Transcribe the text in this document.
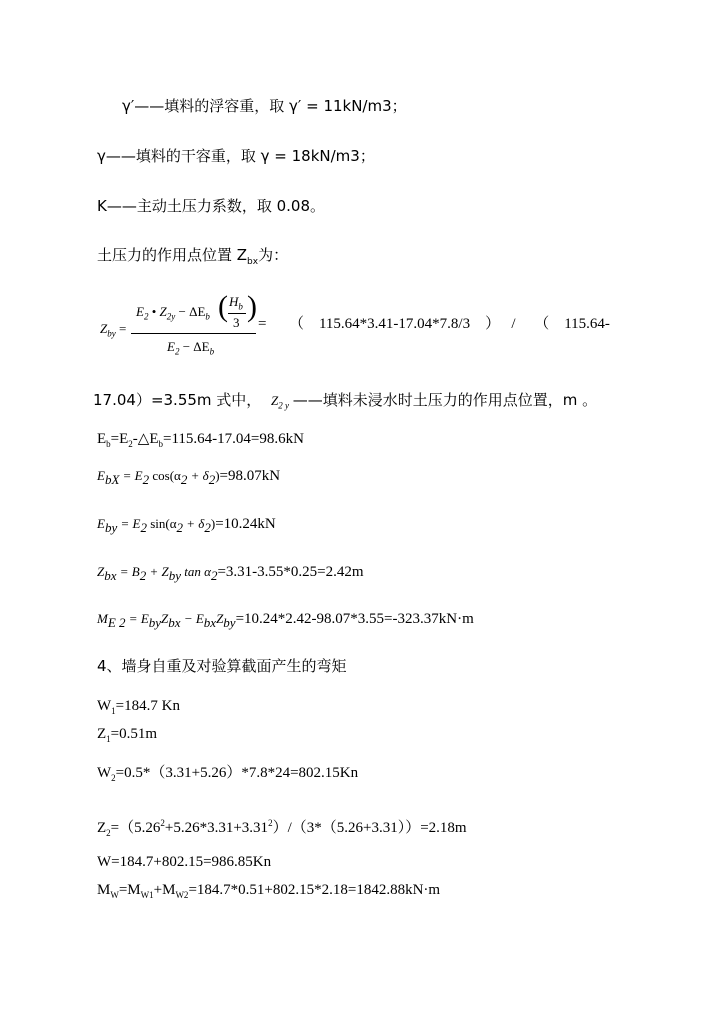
γ′——填料的浮容重，取 γ′ = 11kN/m3；
γ——填料的干容重，取 γ = 18kN/m3；
K——主动土压力系数，取 0.08。
土压力的作用点位置 $Z_{bx}$为：
$Z_{by}$ =
$E_2$ • $Z_{2y} - \Delta E_b$ ( $H_b$
3 )
$E_2 - \Delta E_b$
=　　（　115.64*3.41-17.04*7.8/3　）　 /　 （　115.64-
17.04）=3.55m 式中， $Z_{2 y}$ ——填料未浸水时土压力的作用点位置，m 。
$E_b=E_2-\triangle E_b=115.64-17.04=98.6kN$
$E_{bX} = E_2$ $\cos(\alpha_2 + \delta_2)=98.07kN$
$E_{by} = E_2$ $\sin(\alpha_2 + \delta_2)=10.24kN$
$Z_{bx} = B_2 + Z_{by}$ $\tan \alpha_2=3.31-3.55*0.25=2.42m$
$M_{E 2} = E_{by}Z_{bx} - E_{bx}Z_{by}=10.24*2.42-98.07*3.55=-323.37kN\cdot m$
4、墙身自重及对验算截面产生的弯矩
$W_1=184.7$ Kn
$Z_1=0.51m$
$W_2=0.5*(3.31+5.26)*7.8*24=802.15Kn$
$Z_2=(5.26^2+5.26*3.31+3.31^2)/(3*(5.26+3.31))=2.18m$
W=184.7+802.15=986.85Kn
$M_W=M_{W1}+M_{W2}=184.7*0.51+802.15*2.18=1842.88kN\cdot m$
